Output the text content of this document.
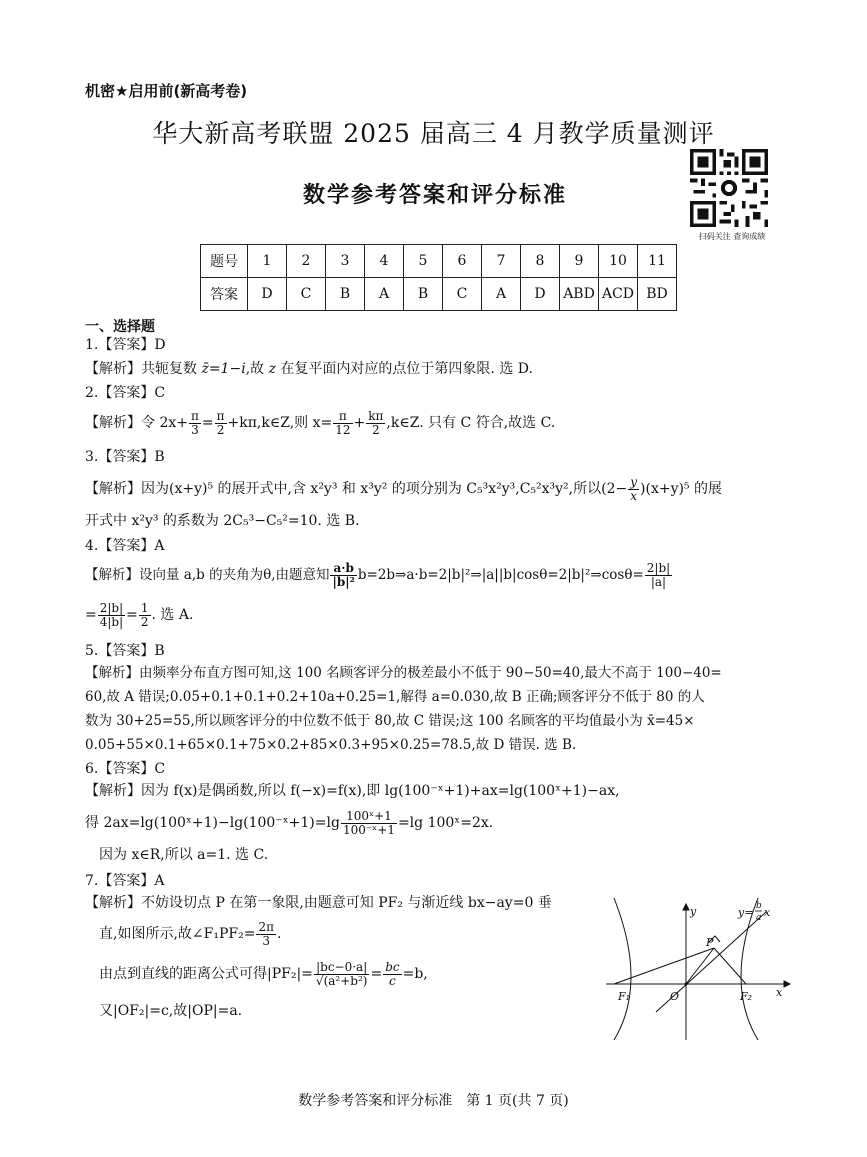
机密★启用前(新高考卷)
华大新高考联盟 2025 届高三 4 月教学质量测评
数学参考答案和评分标准
扫码关注 查询成绩
题号	1	2	3	4	5	6	7	8	9	10	11
答案	D	C	B	A	B	C	A	D	ABD	ACD	BD
一、选择题
1.【答案】D
【解析】共轭复数 z̄=1−i,故 z 在复平面内对应的点位于第四象限. 选 D.
2.【答案】C
【解析】令 $2x+ \frac{\pi}{3} = \frac{\pi}{2}$ +kπ,k∈Z,则 $x= \frac{\pi}{12} + \frac{k\pi}{2}$ ,k∈Z. 只有 C 符合,故选 C.
3.【答案】B
【解析】因为(x+y)⁵ 的展开式中,含 x²y³ 和 x³y² 的项分别为 C₅³x²y³,C₅²x³y²,所以$(2- \frac{y}{x} )(x+y)^5$ 的展
开式中 x²y³ 的系数为 2C₅³−C₅²=10. 选 B.
4.【答案】A
【解析】设向量 a,b 的夹角为θ,由题意知 $\frac{a\cdot b}{\text{|b|²}}$ b=2b⇒a·b=2|b|²⇒|a||b|cosθ=2|b|²⇒cosθ= $\frac{2|b|}{|a|}$
= $\frac{2|b|}{4|b|} = \frac{1}{2}$ . 选 A.
5.【答案】B
【解析】由频率分布直方图可知,这 100 名顾客评分的极差最小不低于 90−50=40,最大不高于 100−40=
60,故 A 错误;0.05+0.1+0.1+0.2+10a+0.25=1,解得 a=0.030,故 B 正确;顾客评分不低于 80 的人
数为 30+25=55,所以顾客评分的中位数不低于 80,故 C 错误;这 100 名顾客的平均值最小为 x̄=45×
0.05+55×0.1+65×0.1+75×0.2+85×0.3+95×0.25=78.5,故 D 错误. 选 B.
6.【答案】C
【解析】因为 f(x)是偶函数,所以 f(−x)=f(x),即 lg(100⁻ˣ+1)+ax=lg(100ˣ+1)−ax,
得 2ax=lg(100ˣ+1)−lg(100⁻ˣ+1)=lg $\frac{\text{100ˣ+1}}{\text{100⁻ˣ+1}} =\lg$ 100ˣ=2x.
因为 x∈R,所以 a=1. 选 C.
7.【答案】A
【解析】不妨设切点 P 在第一象限,由题意可知 PF₂ 与渐近线 bx−ay=0 垂
直,如图所示,故∠F₁PF₂= $\frac{2\pi}{3}$ .
由点到直线的距离公式可得$|PF_2|= \frac{|bc-0\cdot a|}{\text{√(a²+b²)}} = \frac{bc}{c} =b$,
又|OF₂|=c,故|OP|=a.
y
x
y= b
a x
P
O
F₁	F₂
数学参考答案和评分标准　第 1 页(共 7 页)
